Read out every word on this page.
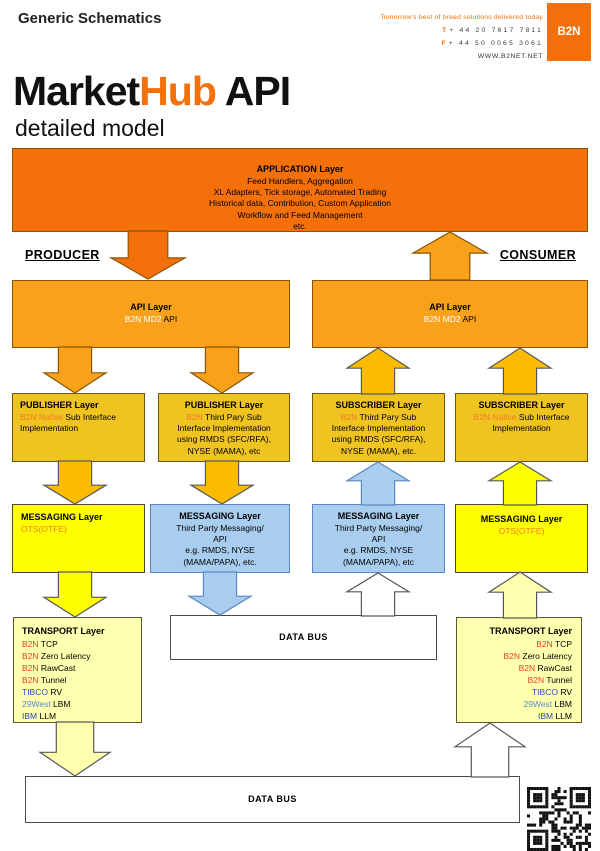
Generic Schematics	Tomorrow's best of breed solutions delivered today
T + 44 20 7617 7811
F + 44 50 0065 3061
WWW.B2NET.NET
B2N
MarketHub API
detailed model
APPLICATION Layer
Feed Handlers, Aggregation
XL Adapters, Tick storage, Automated Trading
Historical data, Contribution, Custom Application
Workflow and Feed Management
etc.
PRODUCER	CONSUMER
API Layer
B2N MD2 API
API Layer
B2N MD2 API
PUBLISHER Layer
B2N Native Sub Interface
Implementation
PUBLISHER Layer
B2N Third Pary Sub
Interface Implementation
using RMDS (SFC/RFA),
NYSE (MAMA), etc
SUBSCRIBER Layer
B2N Third Pary Sub
Interface Implementation
using RMDS (SFC/RFA),
NYSE (MAMA), etc.
SUBSCRIBER Layer
B2N Native Sub Interface
Implementation
MESSAGING Layer
OTS(OTFE)
MESSAGING Layer
Third Party Messaging/
API
e.g. RMDS, NYSE
(MAMA/PAPA), etc.
MESSAGING Layer
Third Party Messaging/
API
e.g. RMDS, NYSE
(MAMA/PAPA), etc
MESSAGING Layer
OTS(OTFE)
DATA BUS
TRANSPORT Layer
B2N TCP
B2N Zero Latency
B2N RawCast
B2N Tunnel
TIBCO RV
29West LBM
IBM LLM
TRANSPORT Layer
B2N TCP
B2N Zero Latency
B2N RawCast
B2N Tunnel
TIBCO RV
29West LBM
IBM LLM
DATA BUS
